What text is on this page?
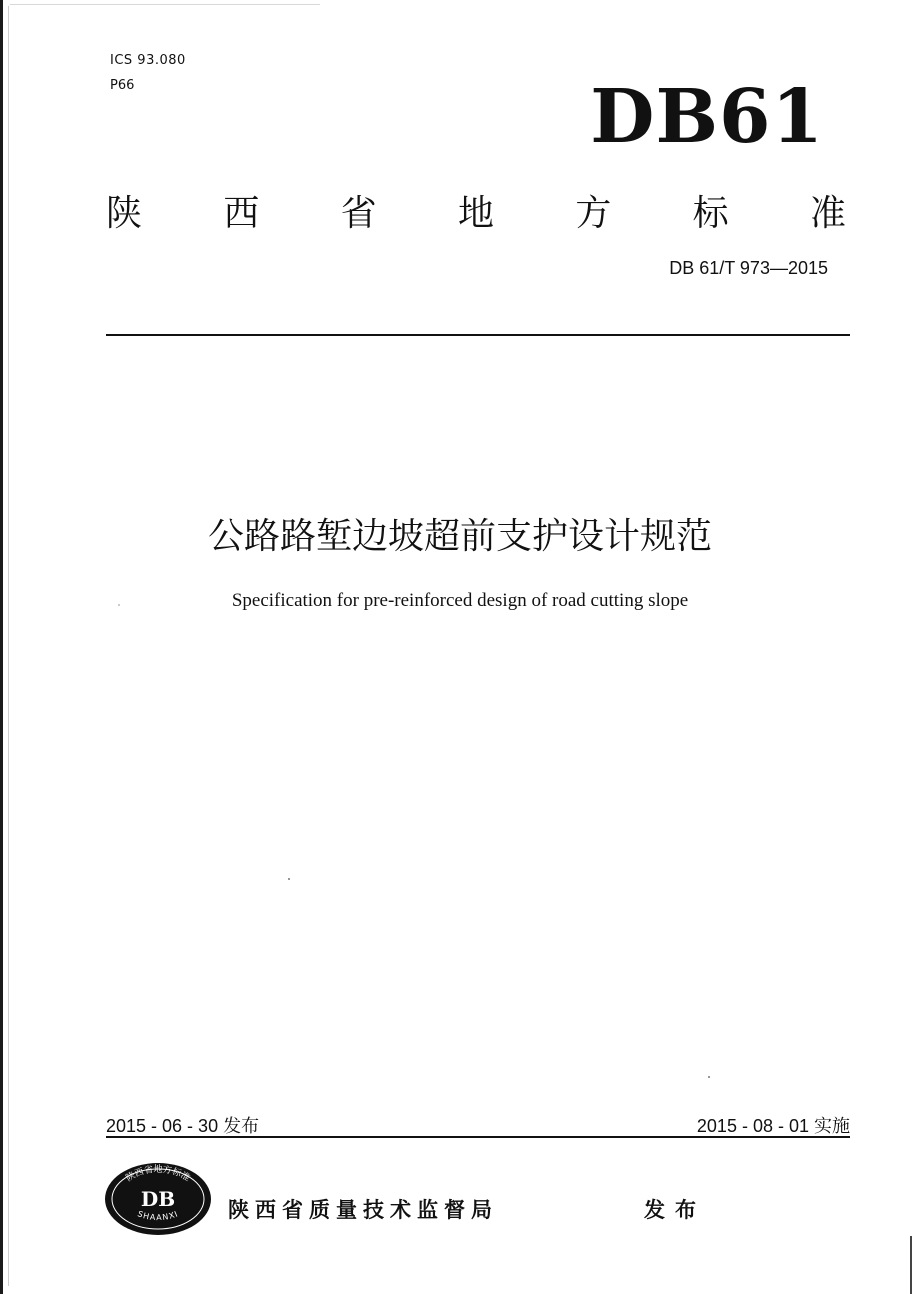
ICS 93.080
P66	DB61
陕 西 省 地 方 标 准
DB 61/T 973—2015
公路路堑边坡超前支护设计规范
Specification for pre-reinforced design of road cutting slope
2015 - 06 - 30 发布	2015 - 08 - 01 实施
陕西省地方标准
DB
SHAANXI 陕西省质量技术监督局	发布
